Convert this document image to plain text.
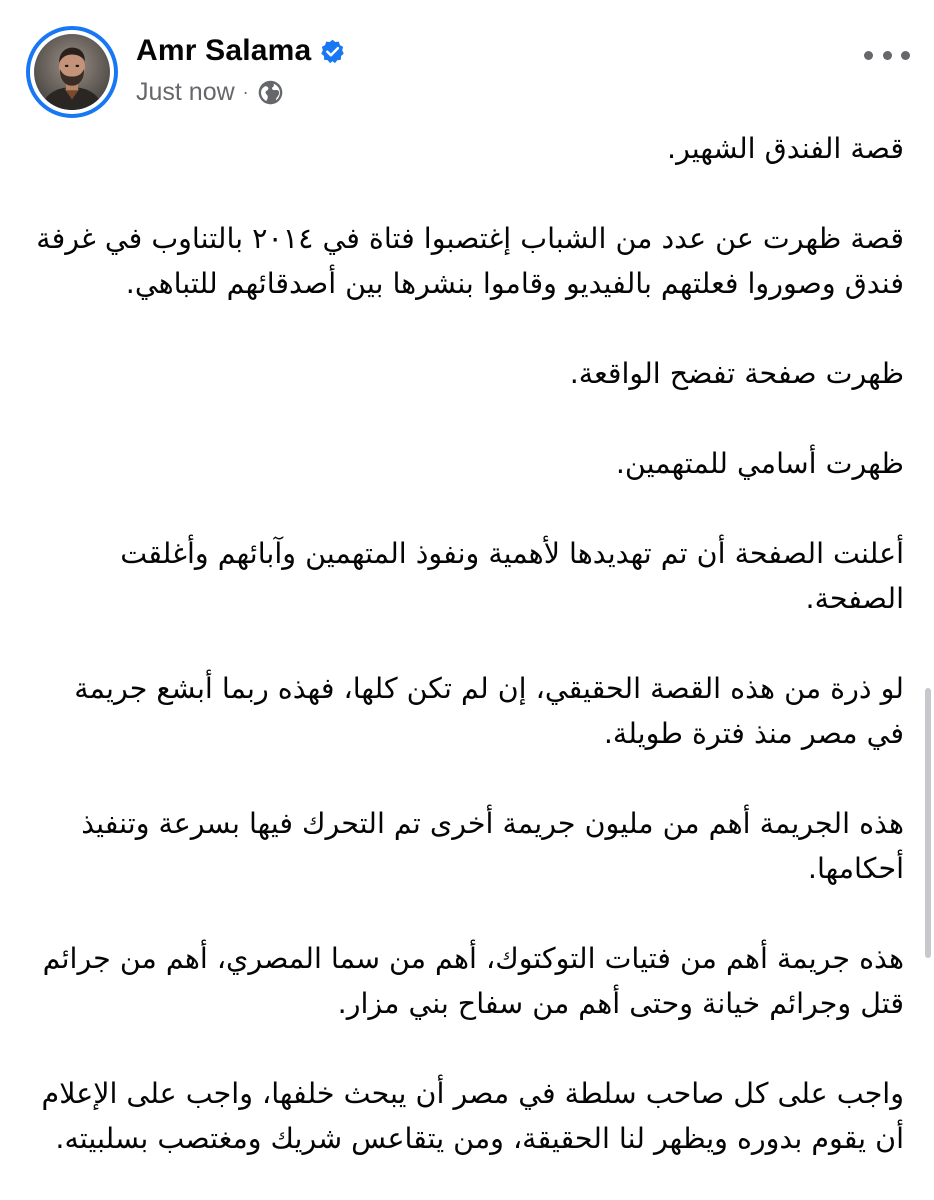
Amr Salama
Just now ·

قصة الفندق الشهير.

قصة ظهرت عن عدد من الشباب إغتصبوا فتاة في ٢٠١٤ بالتناوب في غرفة فندق وصوروا فعلتهم بالفيديو وقاموا بنشرها بين أصدقائهم للتباهي.

ظهرت صفحة تفضح الواقعة.

ظهرت أسامي للمتهمين.

أعلنت الصفحة أن تم تهديدها لأهمية ونفوذ المتهمين وآبائهم وأغلقت الصفحة.

لو ذرة من هذه القصة الحقيقي، إن لم تكن كلها، فهذه ربما أبشع جريمة في مصر منذ فترة طويلة.

هذه الجريمة أهم من مليون جريمة أخرى تم التحرك فيها بسرعة وتنفيذ أحكامها.

هذه جريمة أهم من فتيات التوكتوك، أهم من سما المصري، أهم من جرائم قتل وجرائم خيانة وحتى أهم من سفاح بني مزار.

واجب على كل صاحب سلطة في مصر أن يبحث خلفها، واجب على الإعلام أن يقوم بدوره ويظهر لنا الحقيقة، ومن يتقاعس شريك ومغتصب بسلبيته.
